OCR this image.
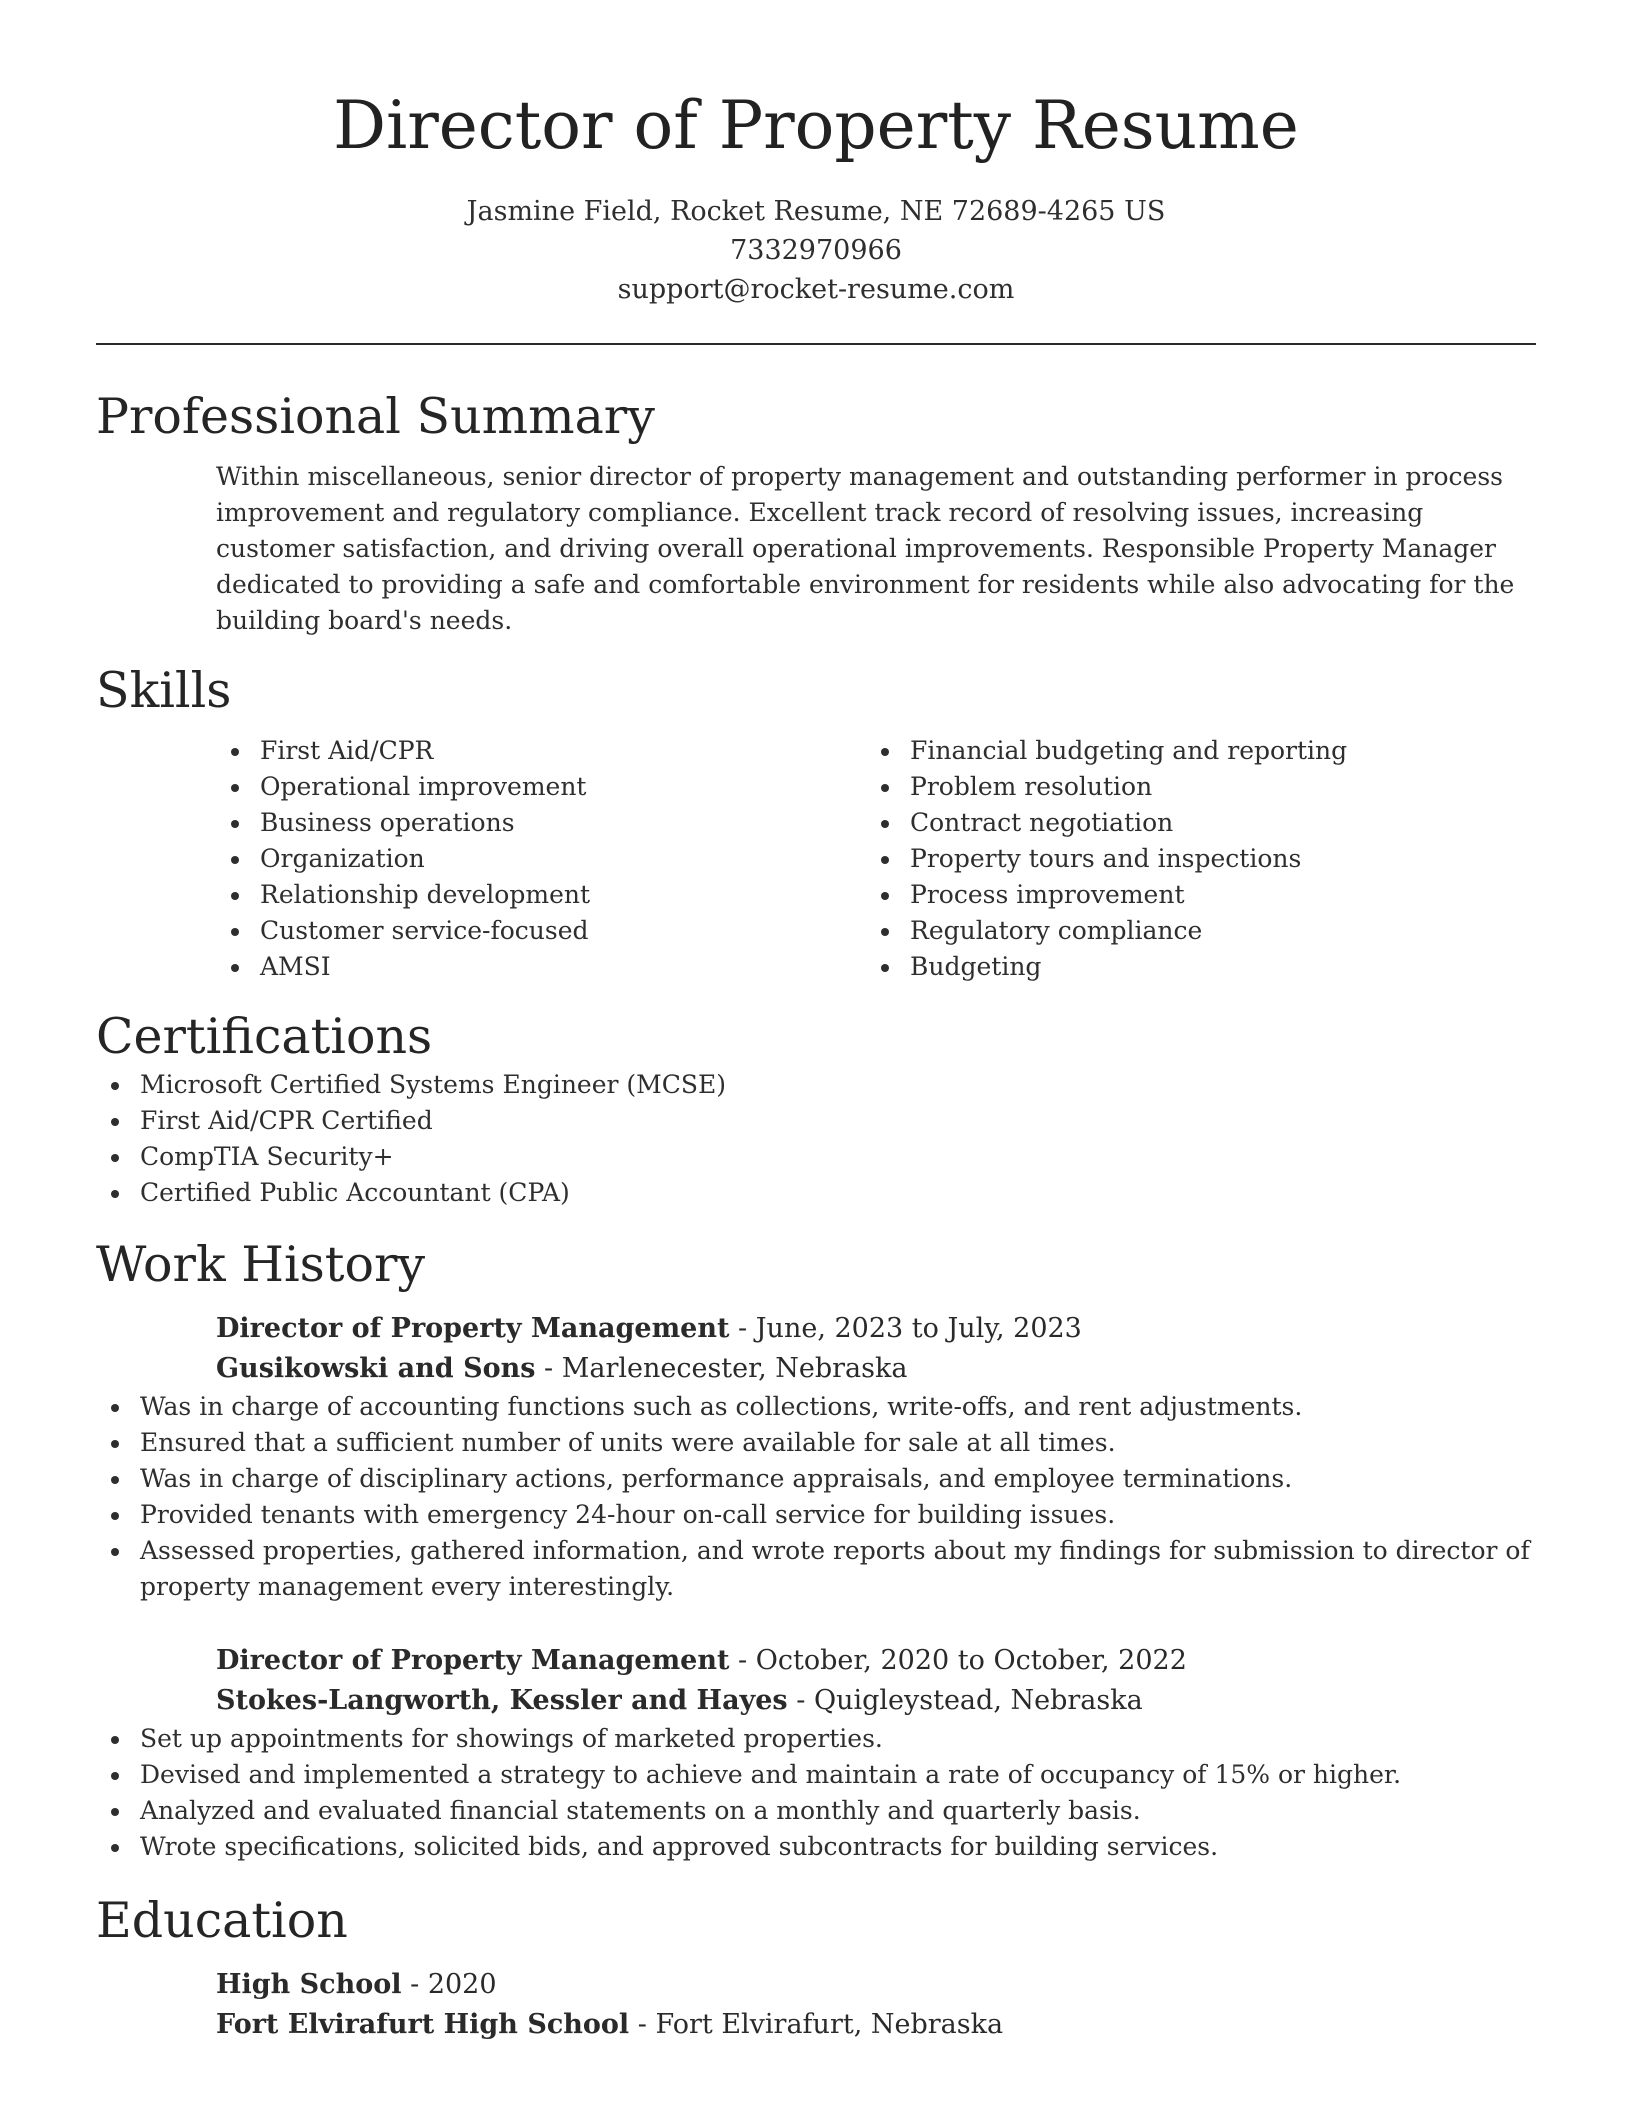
Director of Property Resume
Jasmine Field, Rocket Resume, NE 72689-4265 US
7332970966
support@rocket-resume.com
Professional Summary

Within miscellaneous, senior director of property management and outstanding performer in process improvement and regulatory compliance. Excellent track record of resolving issues, increasing customer satisfaction, and driving overall operational improvements. Responsible Property Manager dedicated to providing a safe and comfortable environment for residents while also advocating for the building board's needs.

Skills
First Aid/CPR
Operational improvement
Business operations
Organization
Relationship development
Customer service-focused
AMSI
Financial budgeting and reporting
Problem resolution
Contract negotiation
Property tours and inspections
Process improvement
Regulatory compliance
Budgeting
Certifications
Microsoft Certified Systems Engineer (MCSE)
First Aid/CPR Certified
CompTIA Security+
Certified Public Accountant (CPA)
Work History
Director of Property Management - June, 2023 to July, 2023
Gusikowski and Sons - Marlenecester, Nebraska
Was in charge of accounting functions such as collections, write-offs, and rent adjustments.
Ensured that a sufficient number of units were available for sale at all times.
Was in charge of disciplinary actions, performance appraisals, and employee terminations.
Provided tenants with emergency 24-hour on-call service for building issues.
Assessed properties, gathered information, and wrote reports about my findings for submission to director of property management every interestingly.
Director of Property Management - October, 2020 to October, 2022
Stokes-Langworth, Kessler and Hayes - Quigleystead, Nebraska
Set up appointments for showings of marketed properties.
Devised and implemented a strategy to achieve and maintain a rate of occupancy of 15% or higher.
Analyzed and evaluated financial statements on a monthly and quarterly basis.
Wrote specifications, solicited bids, and approved subcontracts for building services.
Education
High School - 2020
Fort Elvirafurt High School - Fort Elvirafurt, Nebraska
